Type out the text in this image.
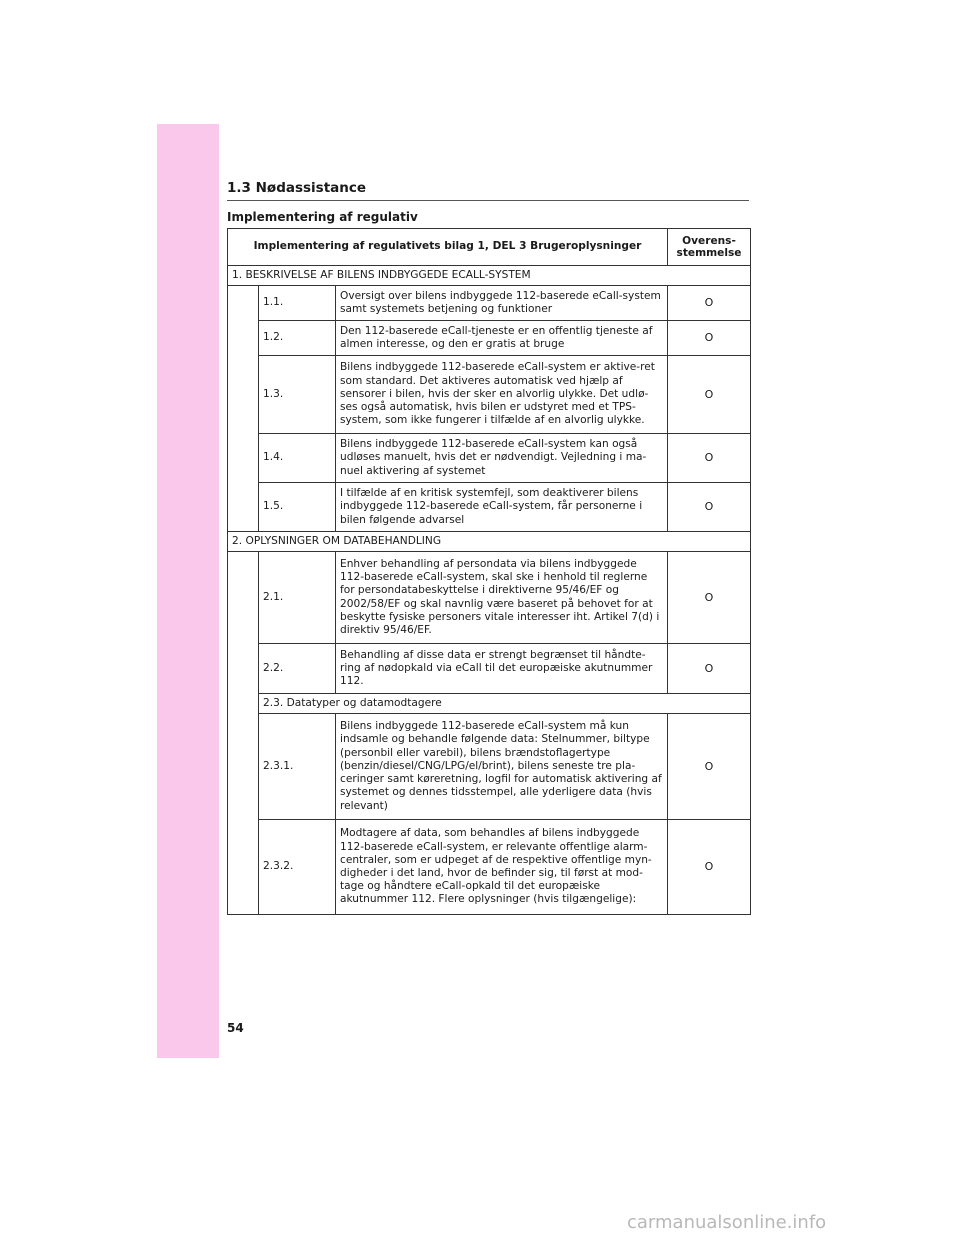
1.3 Nødassistance
Implementering af regulativ
Implementering af regulativets bilag 1, DEL 3 Brugeroplysninger			Overens-
stemmelse
1. BESKRIVELSE AF BILENS INDBYGGEDE ECALL-SYSTEM			
	1.1.	Oversigt over bilens indbyggede 112-baserede eCall-system samt systemets betjening og funktioner	O
	1.2.	Den 112-baserede eCall-tjeneste er en offentlig tjeneste af almen interesse, og den er gratis at bruge	O
	1.3.	Bilens indbyggede 112-baserede eCall-system er aktive-ret som standard. Det aktiveres automatisk ved hjælp af sensorer i bilen, hvis der sker en alvorlig ulykke. Det udlø-ses også automatisk, hvis bilen er udstyret med et TPS-system, som ikke fungerer i tilfælde af en alvorlig ulykke.	O
	1.4.	Bilens indbyggede 112-baserede eCall-system kan også udløses manuelt, hvis det er nødvendigt. Vejledning i ma-nuel aktivering af systemet	O
	1.5.	I tilfælde af en kritisk systemfejl, som deaktiverer bilens indbyggede 112-baserede eCall-system, får personerne i bilen følgende advarsel	O
2. OPLYSNINGER OM DATABEHANDLING			
	2.1.	Enhver behandling af persondata via bilens indbyggede 112-baserede eCall-system, skal ske i henhold til reglerne for persondatabeskyttelse i direktiverne 95/46/EF og 2002/58/EF og skal navnlig være baseret på behovet for at beskytte fysiske personers vitale interesser iht. Artikel 7(d) i direktiv 95/46/EF.	O
	2.2.	Behandling af disse data er strengt begrænset til håndte-ring af nødopkald via eCall til det europæiske akutnummer 112.	O
	2.3. Datatyper og datamodtagere		
	2.3.1.	Bilens indbyggede 112-baserede eCall-system må kun indsamle og behandle følgende data: Stelnummer, biltype (personbil eller varebil), bilens brændstoflagertype (benzin/diesel/CNG/LPG/el/brint), bilens seneste tre pla-ceringer samt køreretning, logfil for automatisk aktivering af systemet og dennes tidsstempel, alle yderligere data (hvis relevant)	O
	2.3.2.	Modtagere af data, som behandles af bilens indbyggede 112-baserede eCall-system, er relevante offentlige alarm-centraler, som er udpeget af de respektive offentlige myn-digheder i det land, hvor de befinder sig, til først at mod-tage og håndtere eCall-opkald til det europæiske akutnummer 112. Flere oplysninger (hvis tilgængelige):	O
54
carmanualsonline.info
